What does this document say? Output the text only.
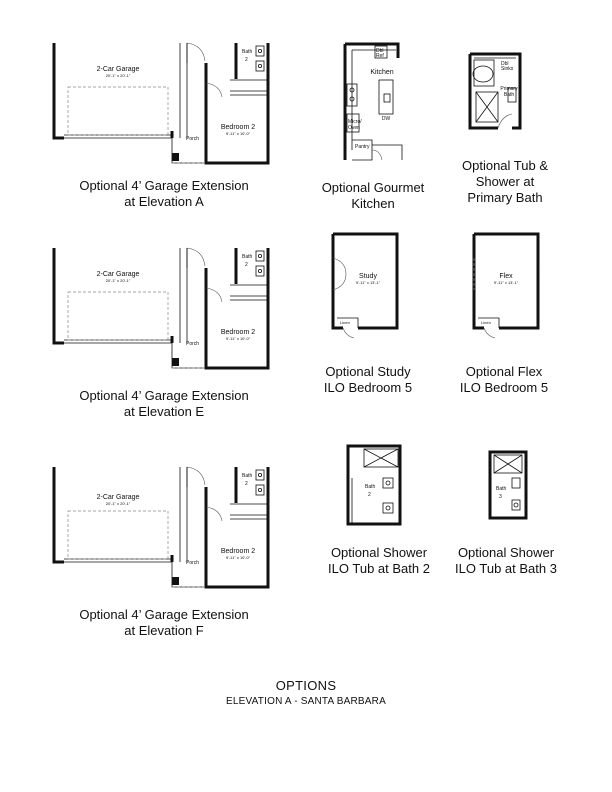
2-Car Garage
20'-1" x 20'-1"
Bath
2
Bedroom 2
9'-11" x 10'-0"
Porch
2-Car Garage
20'-1" x 20'-1"
Bath
2
Bedroom 2
9'-11" x 10'-0"
Porch
2-Car Garage
20'-1" x 20'-1"
Bath
2
Bedroom 2
9'-11" x 10'-0"
Porch
Dbl
Ref
Kitchen
DW
Micro/
Oven
Pantry
Dbl
Sinks
Primary
Bath
Study
9'-11" x 13'-1"
Linen
Flex
9'-11" x 13'-1"
Linen
Bath
2
Bath
3
Optional 4’ Garage Extension
at Elevation A
Optional Gourmet
Kitchen
Optional Tub &
Shower at
Primary Bath
Optional 4’ Garage Extension
at Elevation E
Optional Study
ILO Bedroom 5
Optional Flex
ILO Bedroom 5
Optional 4’ Garage Extension
at Elevation F
Optional Shower
ILO Tub at Bath 2
Optional Shower
ILO Tub at Bath 3
OPTIONS
ELEVATION A - SANTA BARBARA
